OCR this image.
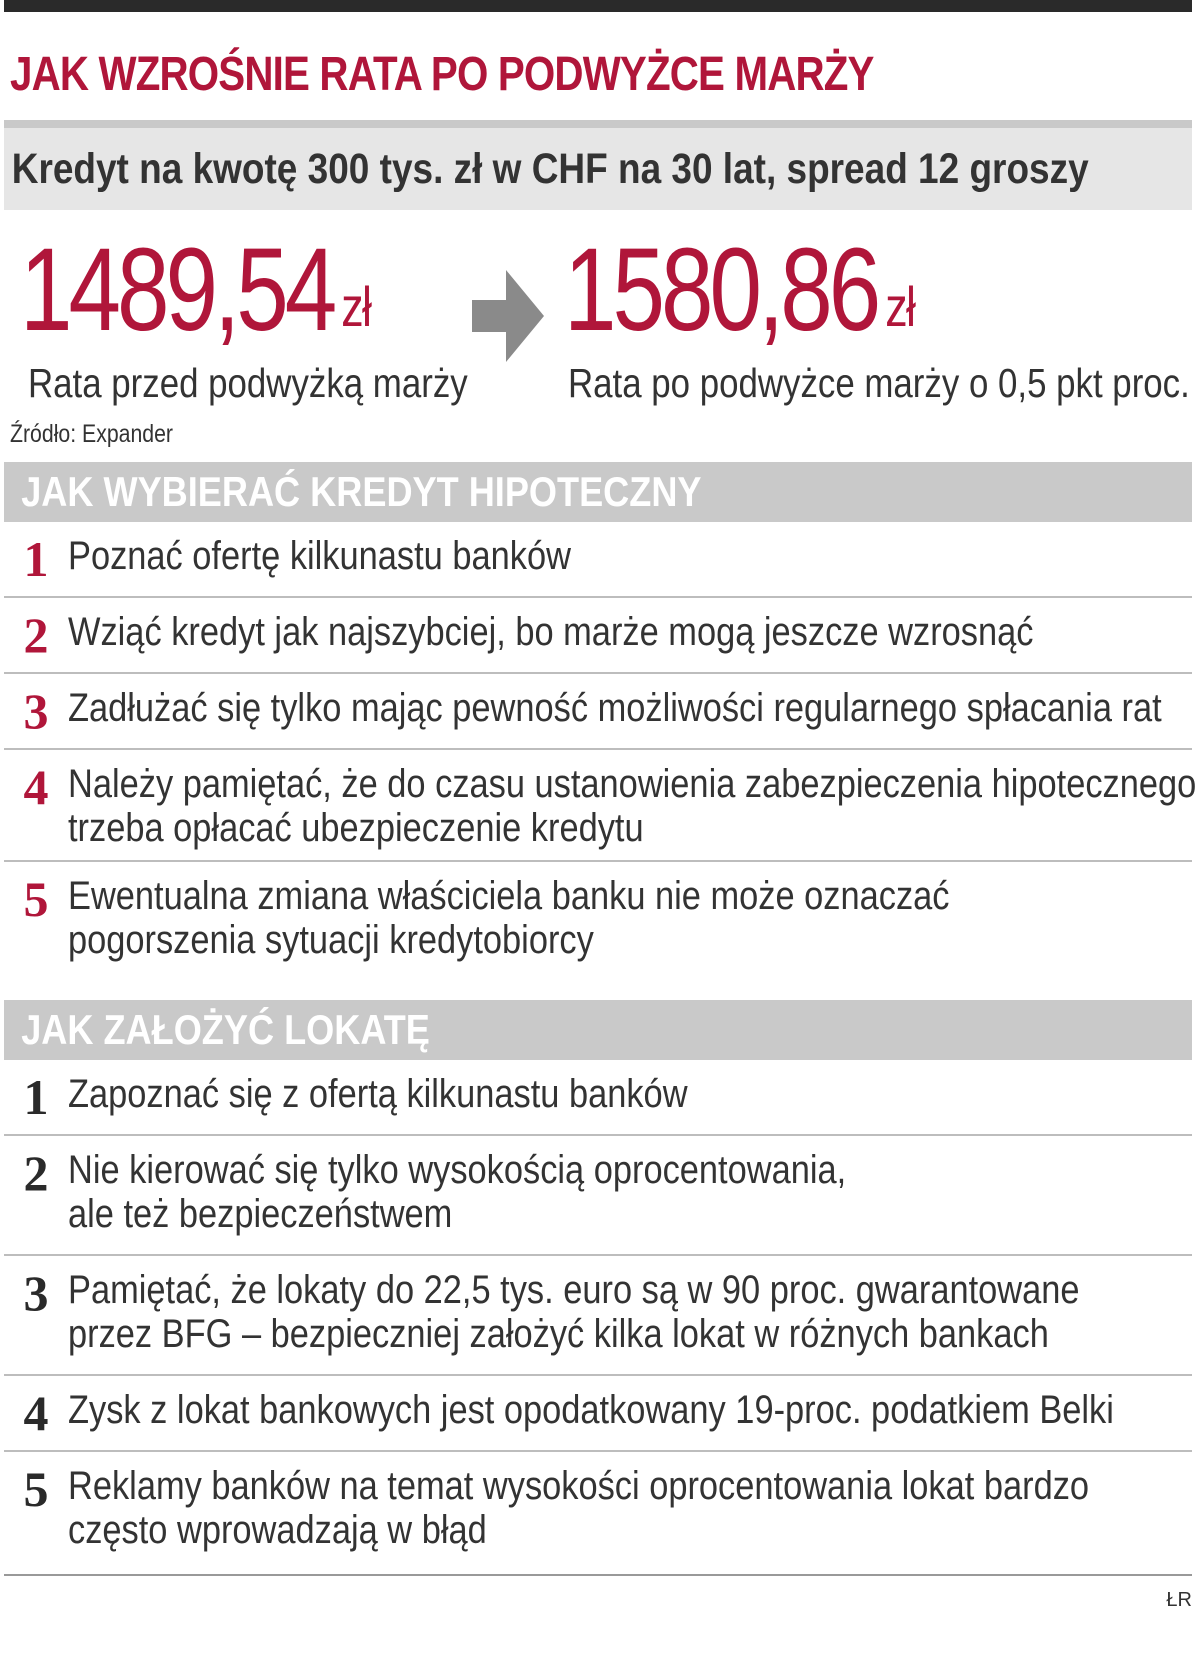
JAK WZROŚNIE RATA PO PODWYŻCE MARŻY
Kredyt na kwotę 300 tys. zł w CHF na 30 lat, spread 12 groszy
1489,54 zł 1580,86 zł
Rata przed podwyżką marży Rata po podwyżce marży o 0,5 pkt proc.
Źródło: Expander
JAK WYBIERAĆ KREDYT HIPOTECZNY
1 Poznać ofertę kilkunastu banków
2 Wziąć kredyt jak najszybciej, bo marże mogą jeszcze wzrosnąć
3 Zadłużać się tylko mając pewność możliwości regularnego spłacania rat
4 Należy pamiętać, że do czasu ustanowienia zabezpieczenia hipotecznego
trzeba opłacać ubezpieczenie kredytu
5 Ewentualna zmiana właściciela banku nie może oznaczać
pogorszenia sytuacji kredytobiorcy
JAK ZAŁOŻYĆ LOKATĘ
1 Zapoznać się z ofertą kilkunastu banków
2 Nie kierować się tylko wysokością oprocentowania,
ale też bezpieczeństwem
3 Pamiętać, że lokaty do 22,5 tys. euro są w 90 proc. gwarantowane
przez BFG – bezpieczniej założyć kilka lokat w różnych bankach
4 Zysk z lokat bankowych jest opodatkowany 19-proc. podatkiem Belki
5 Reklamy banków na temat wysokości oprocentowania lokat bardzo
często wprowadzają w błąd
ŁR
